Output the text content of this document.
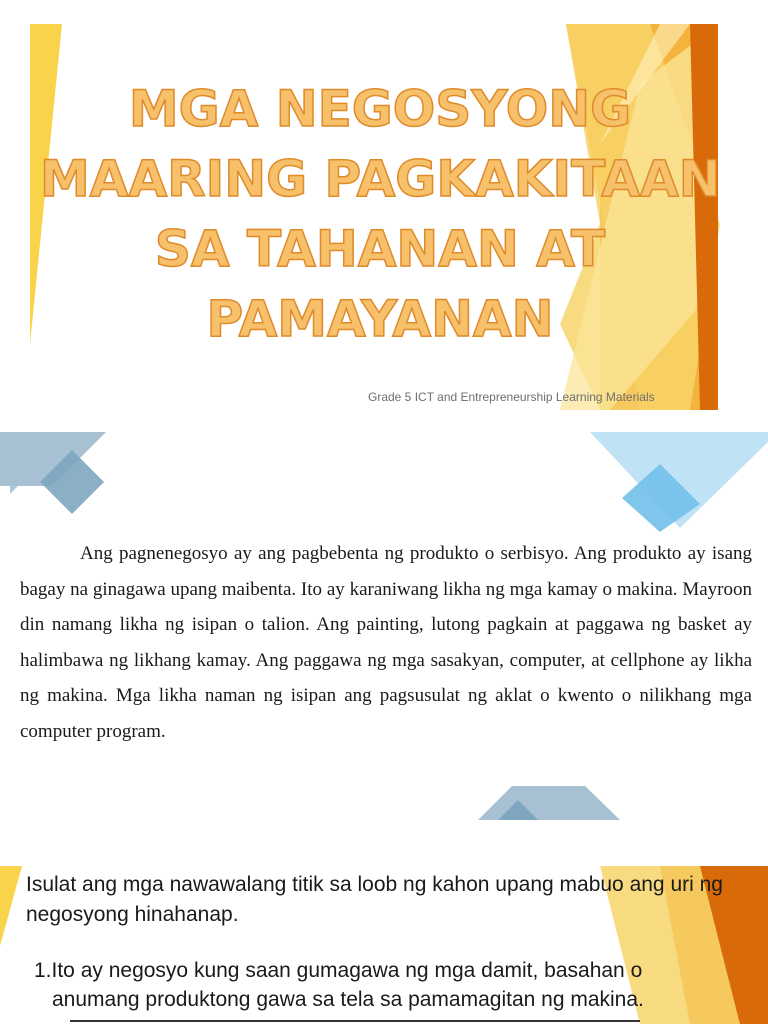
MGA NEGOSYONG
MAARING PAGKAKITAAN
SA TAHANAN AT
PAMAYANAN
Grade 5 ICT and Entrepreneurship Learning Materials

Ang pagnenegosyo ay ang pagbebenta ng produkto o serbisyo. Ang produkto ay isang bagay na ginagawa upang maibenta. Ito ay karaniwang likha ng mga kamay o makina. Mayroon din namang likha ng isipan o talion. Ang painting, lutong pagkain at paggawa ng basket ay halimbawa ng likhang kamay. Ang paggawa ng mga sasakyan, computer, at cellphone ay likha ng makina. Mga likha naman ng isipan ang pagsusulat ng aklat o kwento o nilikhang mga computer program.

Isulat ang mga nawawalang titik sa loob ng kahon upang mabuo ang uri ng negosyong hinahanap.

1.Ito ay negosyo kung saan gumagawa ng mga damit, basahan o
anumang produktong gawa sa tela sa pamamagitan ng makina.
